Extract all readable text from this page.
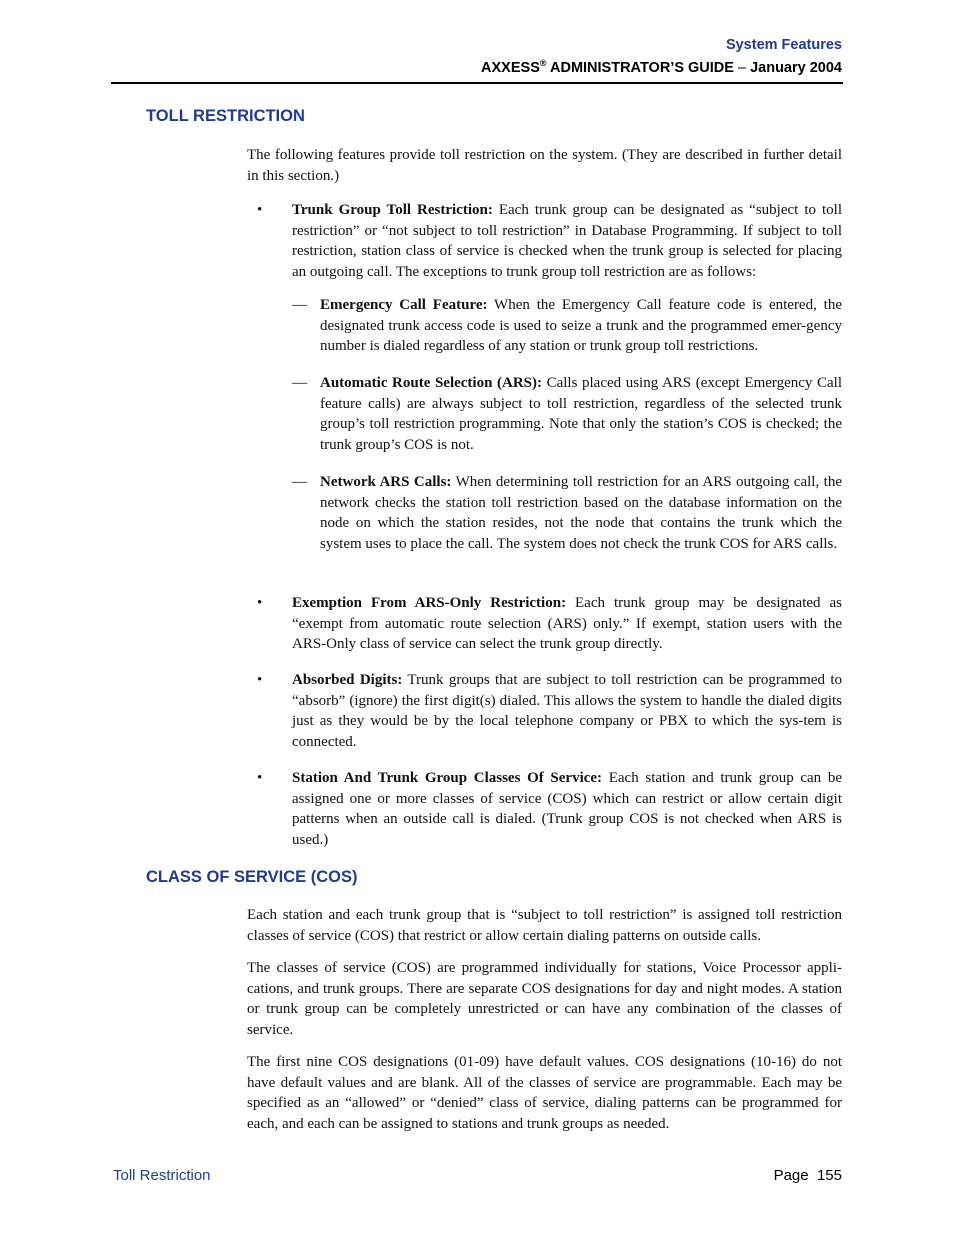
System Features
AXXESS® ADMINISTRATOR’S GUIDE – January 2004
TOLL RESTRICTION
The following features provide toll restriction on the system. (They are described in further detail in this section.)
• Trunk Group Toll Restriction: Each trunk group can be designated as “subject to toll restriction” or “not subject to toll restriction” in Database Programming. If subject to toll restriction, station class of service is checked when the trunk group is selected for placing an outgoing call. The exceptions to trunk group toll restriction are as follows:
— Emergency Call Feature: When the Emergency Call feature code is entered, the designated trunk access code is used to seize a trunk and the programmed emer-gency number is dialed regardless of any station or trunk group toll restrictions.
— Automatic Route Selection (ARS): Calls placed using ARS (except Emergency Call feature calls) are always subject to toll restriction, regardless of the selected trunk group’s toll restriction programming. Note that only the station’s COS is checked; the trunk group’s COS is not.
— Network ARS Calls: When determining toll restriction for an ARS outgoing call, the network checks the station toll restriction based on the database information on the node on which the station resides, not the node that contains the trunk which the system uses to place the call. The system does not check the trunk COS for ARS calls.
• Exemption From ARS-Only Restriction: Each trunk group may be designated as “exempt from automatic route selection (ARS) only.” If exempt, station users with the ARS-Only class of service can select the trunk group directly.
• Absorbed Digits: Trunk groups that are subject to toll restriction can be programmed to “absorb” (ignore) the first digit(s) dialed. This allows the system to handle the dialed digits just as they would be by the local telephone company or PBX to which the sys-tem is connected.
• Station And Trunk Group Classes Of Service: Each station and trunk group can be assigned one or more classes of service (COS) which can restrict or allow certain digit patterns when an outside call is dialed. (Trunk group COS is not checked when ARS is used.)
CLASS OF SERVICE (COS)
Each station and each trunk group that is “subject to toll restriction” is assigned toll restriction classes of service (COS) that restrict or allow certain dialing patterns on outside calls.
The classes of service (COS) are programmed individually for stations, Voice Processor appli-cations, and trunk groups. There are separate COS designations for day and night modes. A station or trunk group can be completely unrestricted or can have any combination of the classes of service.
The first nine COS designations (01-09) have default values. COS designations (10-16) do not have default values and are blank. All of the classes of service are programmable. Each may be specified as an “allowed” or “denied” class of service, dialing patterns can be programmed for each, and each can be assigned to stations and trunk groups as needed.
Toll Restriction	Page 155
